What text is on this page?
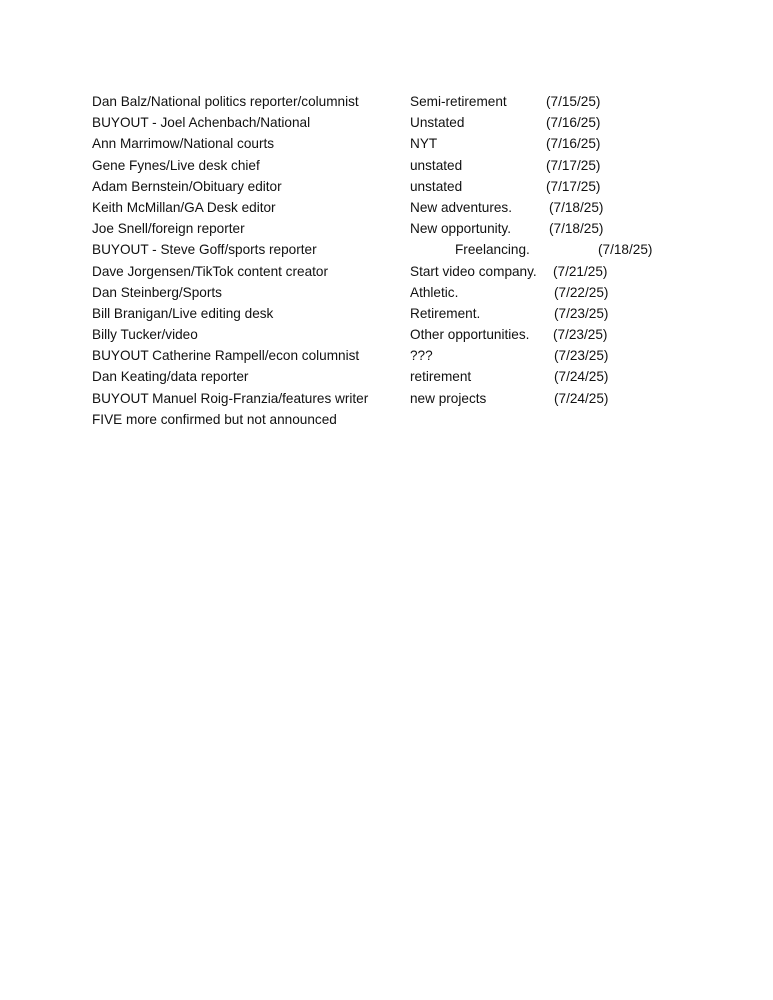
Dan Balz/National politics reporter/columnist	Semi-retirement	(7/15/25)
BUYOUT - Joel Achenbach/National	Unstated	(7/16/25)
Ann Marrimow/National courts	NYT	(7/16/25)
Gene Fynes/Live desk chief	unstated	(7/17/25)
Adam Bernstein/Obituary editor	unstated	(7/17/25)
Keith McMillan/GA Desk editor	New adventures.	(7/18/25)
Joe Snell/foreign reporter	New opportunity.	(7/18/25)
BUYOUT - Steve Goff/sports reporter	Freelancing.	(7/18/25)
Dave Jorgensen/TikTok content creator	Start video company. (7/21/25)
Dan Steinberg/Sports	Athletic.	(7/22/25)
Bill Branigan/Live editing desk	Retirement.	(7/23/25)
Billy Tucker/video	Other opportunities. (7/23/25)
BUYOUT Catherine Rampell/econ columnist	???	(7/23/25)
Dan Keating/data reporter	retirement	(7/24/25)
BUYOUT Manuel Roig-Franzia/features writer	new projects	(7/24/25)
FIVE more confirmed but not announced
